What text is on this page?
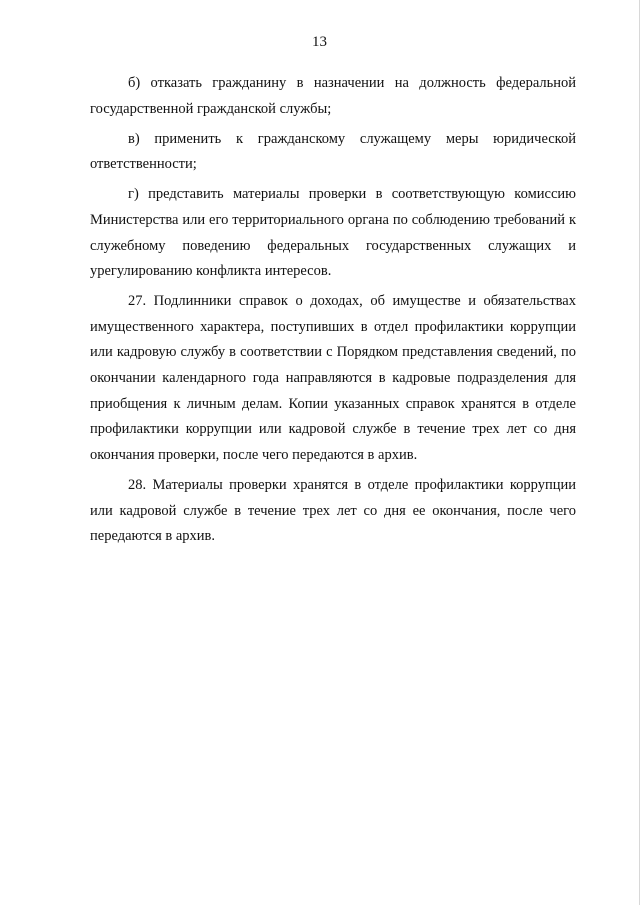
13

б) отказать гражданину в назначении на должность федеральной государственной гражданской службы;

в) применить к гражданскому служащему меры юридической ответственности;

г) представить материалы проверки в соответствующую комиссию Министерства или его территориального органа по соблюдению требований к служебному поведению федеральных государственных служащих и урегулированию конфликта интересов.

27. Подлинники справок о доходах, об имуществе и обязательствах имущественного характера, поступивших в отдел профилактики коррупции или кадровую службу в соответствии с Порядком представления сведений, по окончании календарного года направляются в кадровые подразделения для приобщения к личным делам. Копии указанных справок хранятся в отделе профилактики коррупции или кадровой службе в течение трех лет со дня окончания проверки, после чего передаются в архив.

28. Материалы проверки хранятся в отделе профилактики коррупции или кадровой службе в течение трех лет со дня ее окончания, после чего передаются в архив.
